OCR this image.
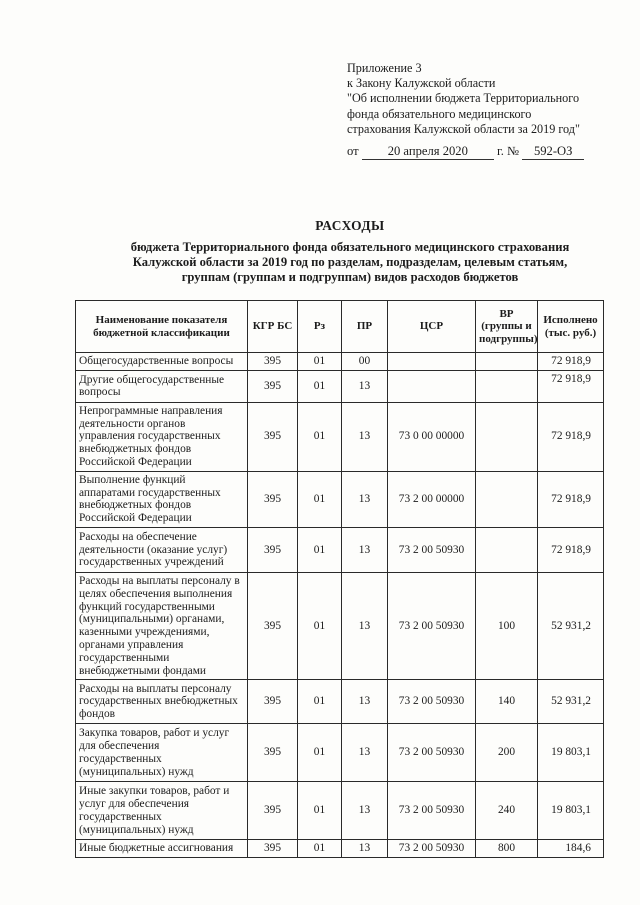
Приложение 3
к Закону Калужской области
"Об исполнении бюджета Территориального
фонда обязательного медицинского
страхования Калужской области за 2019 год"
от 20 апреля 2020 г. № 592-ОЗ
РАСХОДЫ
бюджета Территориального фонда обязательного медицинского страхования
Калужской области за 2019 год по разделам, подразделам, целевым статьям,
группам (группам и подгруппам) видов расходов бюджетов
Наименование показателя бюджетной классификации	КГР БС	Рз	ПР	ЦСР	ВР (группы и подгруппы)	Исполнено (тыс. руб.)
Общегосударственные вопросы	395	01	00			72 918,9
Другие общегосударственные вопросы	395	01	13			72 918,9
Непрограммные направления деятельности органов управления государственных внебюджетных фондов Российской Федерации	395	01	13	73 0 00 00000		72 918,9
Выполнение функций аппаратами государственных внебюджетных фондов Российской Федерации	395	01	13	73 2 00 00000		72 918,9
Расходы на обеспечение деятельности (оказание услуг) государственных учреждений	395	01	13	73 2 00 50930		72 918,9
Расходы на выплаты персоналу в целях обеспечения выполнения функций государственными (муниципальными) органами, казенными учреждениями, органами управления государственными внебюджетными фондами	395	01	13	73 2 00 50930	100	52 931,2
Расходы на выплаты персоналу государственных внебюджетных фондов	395	01	13	73 2 00 50930	140	52 931,2
Закупка товаров, работ и услуг для обеспечения государственных (муниципальных) нужд	395	01	13	73 2 00 50930	200	19 803,1
Иные закупки товаров, работ и услуг для обеспечения государственных (муниципальных) нужд	395	01	13	73 2 00 50930	240	19 803,1
Иные бюджетные ассигнования	395	01	13	73 2 00 50930	800	184,6
